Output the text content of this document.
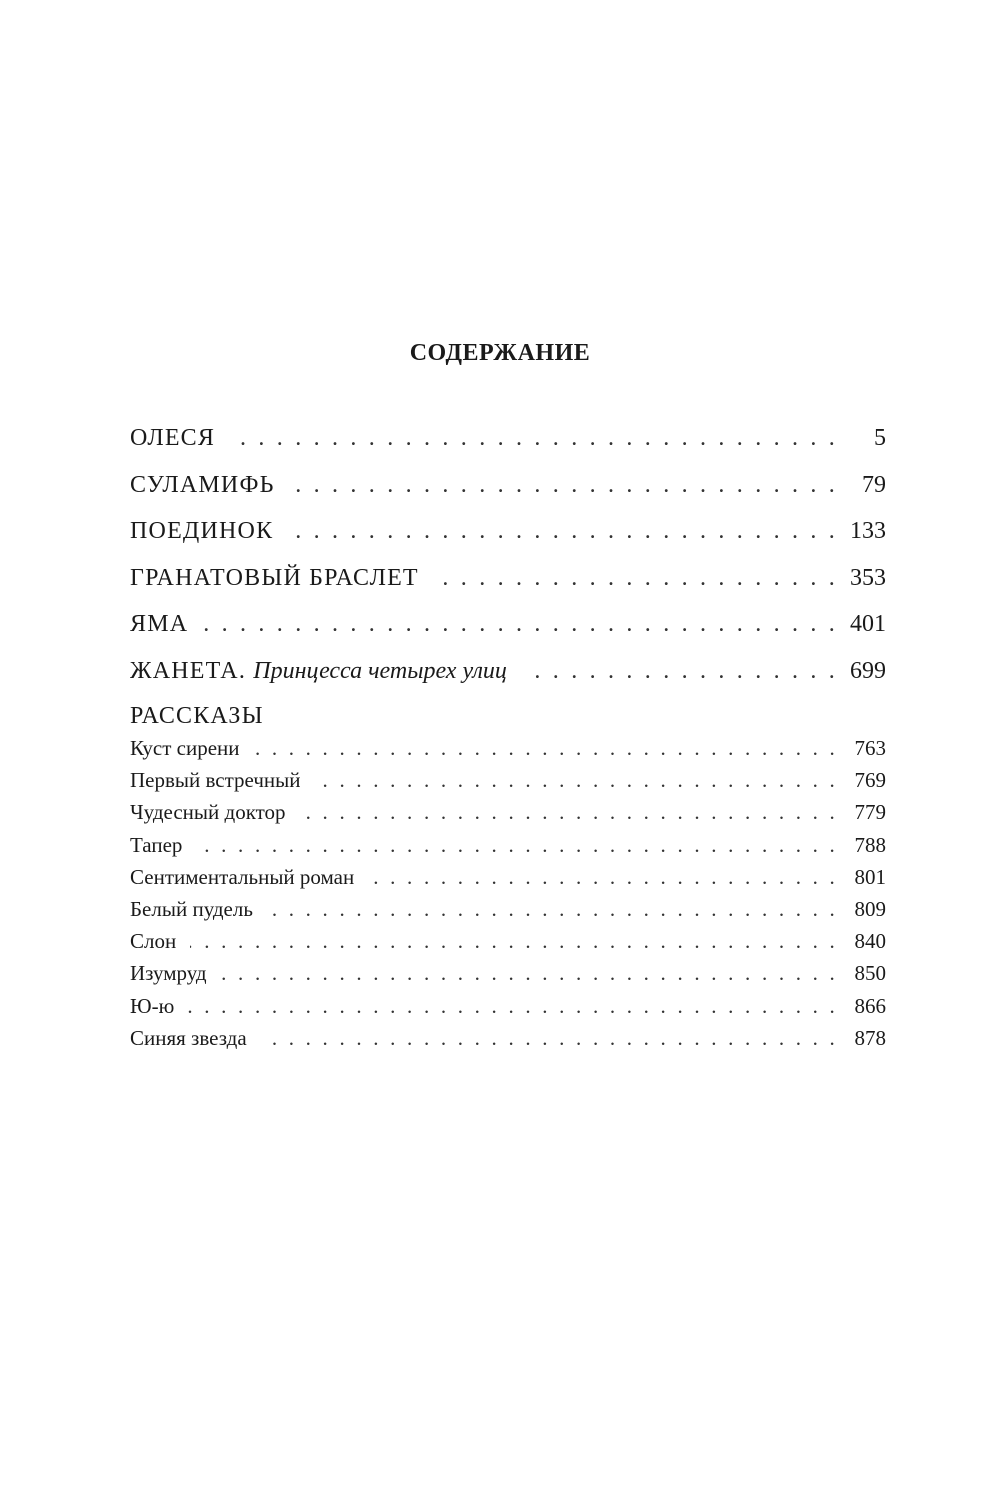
СОДЕРЖАНИЕ
ОЛЕСЯ . . .	5
СУЛАМИФЬ . . .	79
ПОЕДИНОК . . .	133
ГРАНАТОВЫЙ БРАСЛЕТ . . .	353
ЯМА . . .	401
ЖАНЕТА. Принцесса четырех улиц . . .	699
РАССКАЗЫ
Куст сирени . . .	763
Первый встречный . . .	769
Чудесный доктор . . .	779
Тапер . . .	788
Сентиментальный роман . . .	801
Белый пудель . . .	809
Слон . . .	840
Изумруд . . .	850
Ю-ю . . .	866
Синяя звезда . . .	878
